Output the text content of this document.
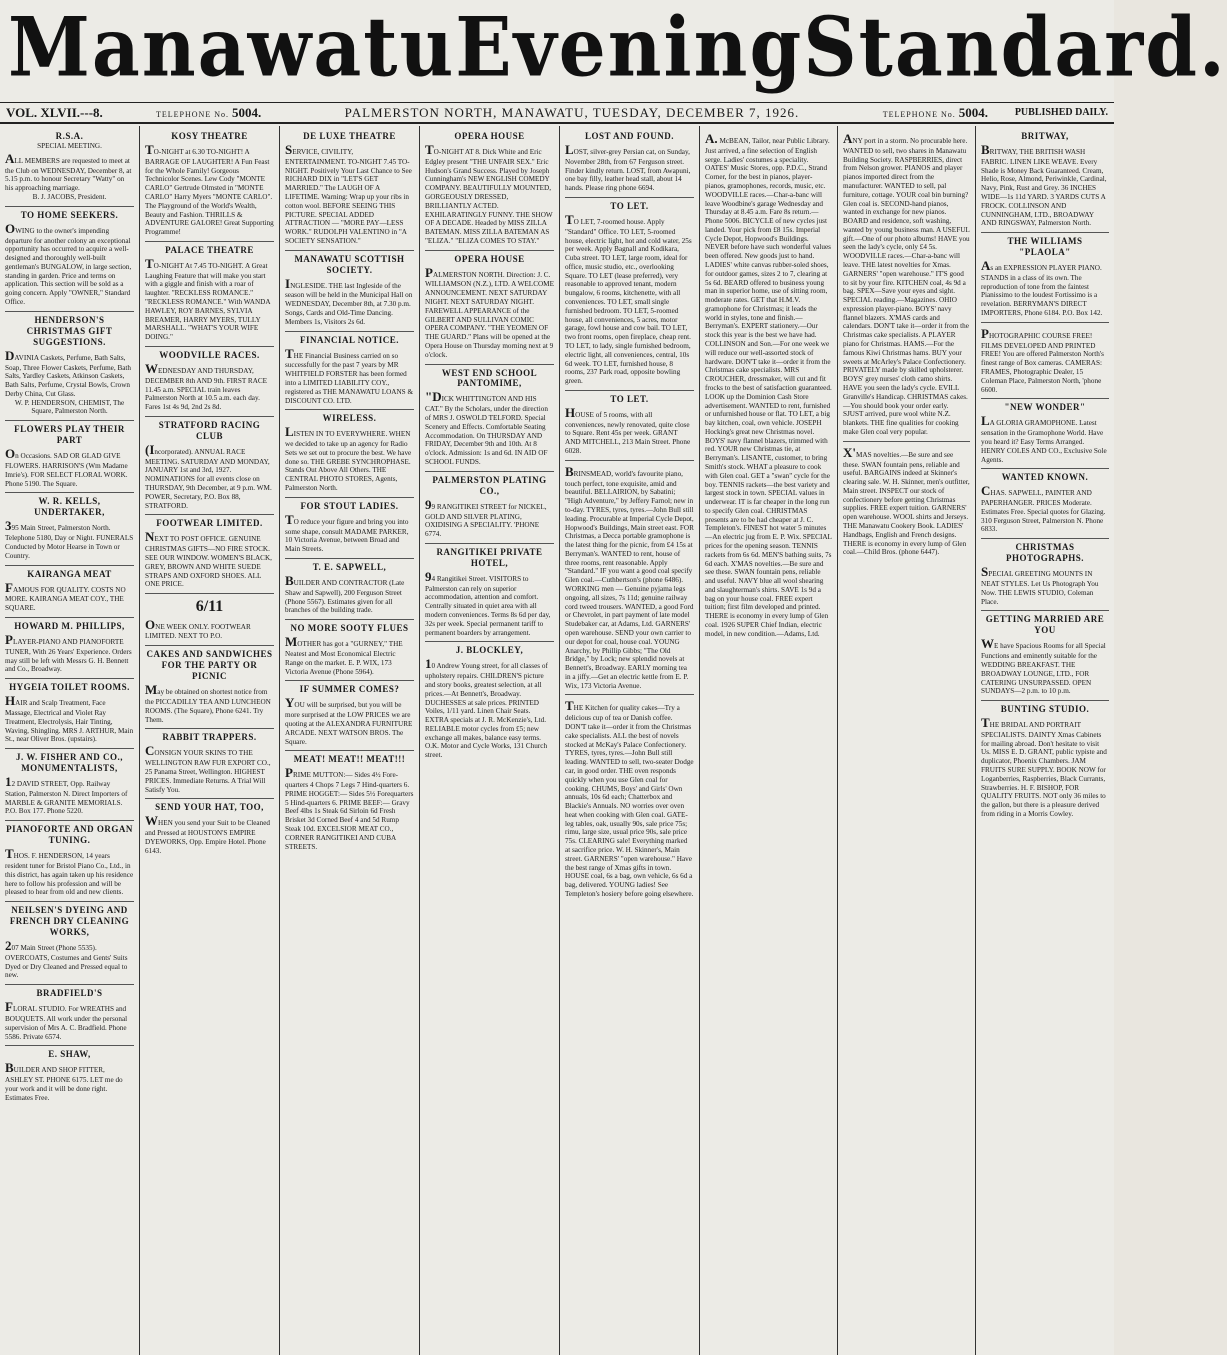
Manawatu Evening Standard.
VOL. XLVII.---8.	TELEPHONE No. 5004.	PALMERSTON NORTH, MANAWATU, TUESDAY, DECEMBER 7, 1926.	TELEPHONE No. 5004.	PUBLISHED DAILY.
R.S.A.
SPECIAL MEETING.
ALL MEMBERS are requested to meet at the Club on WEDNESDAY, December 8, at 5.15 p.m. to honour Secretary "Watty" on his approaching marriage.
B. J. JACOBS, President.
TO HOME SEEKERS.
OWING to the owner's impending departure for another colony an exceptional opportunity has occurred to acquire a well-designed and thoroughly well-built gentleman's BUNGALOW, in large section, standing in garden. Price and terms on application. This section will be sold as a going concern. Apply "OWNER," Standard Office.
HENDERSON'S CHRISTMAS GIFT SUGGESTIONS.
DAVINIA Caskets, Perfume, Bath Salts, Soap, Three Flower Caskets, Perfume, Bath Salts, Yardley Caskets, Atkinson Caskets, Bath Salts, Perfume, Crystal Bowls, Crown Derby China, Cut Glass.
W. P. HENDERSON, CHEMIST, The Square, Palmerston North.
FLOWERS PLAY THEIR PART
On Occasions. SAD OR GLAD GIVE FLOWERS. HARRISON'S (Wm Madame Imrie's). FOR SELECT FLORAL WORK. Phone 5190. The Square.
W. R. KELLS, UNDERTAKER,
395 Main Street, Palmerston North. Telephone 5180, Day or Night. FUNERALS Conducted by Motor Hearse in Town or Country.
KAIRANGA MEAT
FAMOUS FOR QUALITY. COSTS NO MORE. KAIRANGA MEAT COY., THE SQUARE.
HOWARD M. PHILLIPS,
PLAYER-PIANO AND PIANOFORTE TUNER, With 26 Years' Experience. Orders may still be left with Messrs G. H. Bennett and Co., Broadway.
HYGEIA TOILET ROOMS.
HAIR and Scalp Treatment, Face Massage, Electrical and Violet Ray Treatment, Electrolysis, Hair Tinting, Waving, Shingling. MRS J. ARTHUR, Main St., near Oliver Bros. (upstairs).
J. W. FISHER AND CO., MONUMENTALISTS,
12 DAVID STREET, Opp. Railway Station, Palmerston N. Direct Importers of MARBLE & GRANITE MEMORIALS. P.O. Box 177. Phone 5220.
PIANOFORTE AND ORGAN TUNING.
THOS. F. HENDERSON, 14 years resident tuner for Bristol Piano Co., Ltd., in this district, has again taken up his residence here to follow his profession and will be pleased to hear from old and new clients.
NEILSEN'S DYEING AND FRENCH DRY CLEANING WORKS,
207 Main Street (Phone 5535). OVERCOATS, Costumes and Gents' Suits Dyed or Dry Cleaned and Pressed equal to new.
BRADFIELD'S
FLORAL STUDIO. For WREATHS and BOUQUETS. All work under the personal supervision of Mrs A. C. Bradfield. Phone 5586. Private 6574.
E. SHAW,
BUILDER AND SHOP FITTER, ASHLEY ST. PHONE 6175. LET me do your work and it will be done right. Estimates Free.
KOSY THEATRE
TO-NIGHT at 6.30 TO-NIGHT! A BARRAGE OF LAUGHTER! A Fun Feast for the Whole Family! Gorgeous Technicolor Scenes. Lew Cody "MONTE CARLO" Gertrude Olmsted in "MONTE CARLO" Harry Myers "MONTE CARLO". The Playground of the World's Wealth, Beauty and Fashion. THRILLS & ADVENTURE GALORE! Great Supporting Programme!
PALACE THEATRE
TO-NIGHT At 7.45 TO-NIGHT. A Great Laughing Feature that will make you start with a giggle and finish with a roar of laughter. "RECKLESS ROMANCE." "RECKLESS ROMANCE." With WANDA HAWLEY, ROY BARNES, SYLVIA BREAMER, HARRY MYERS, TULLY MARSHALL. "WHAT'S YOUR WIFE DOING."
WOODVILLE RACES.
WEDNESDAY AND THURSDAY, DECEMBER 8th AND 9th. FIRST RACE 11.45 a.m. SPECIAL train leaves Palmerston North at 10.5 a.m. each day. Fares 1st 4s 9d, 2nd 2s 8d.
STRATFORD RACING CLUB
(Incorporated). ANNUAL RACE MEETING. SATURDAY AND MONDAY, JANUARY 1st and 3rd, 1927. NOMINATIONS for all events close on THURSDAY, 9th December, at 9 p.m. WM. POWER, Secretary, P.O. Box 88, STRATFORD.
FOOTWEAR LIMITED.
NEXT TO POST OFFICE. GENUINE CHRISTMAS GIFTS—NO FIRE STOCK. SEE OUR WINDOW. WOMEN'S BLACK, GREY, BROWN AND WHITE SUEDE STRAPS AND OXFORD SHOES. ALL ONE PRICE.
6/11
ONE WEEK ONLY. FOOTWEAR LIMITED. NEXT TO P.O.
CAKES AND SANDWICHES FOR THE PARTY OR PICNIC
May be obtained on shortest notice from the PICCADILLY TEA AND LUNCHEON ROOMS. (The Square), Phone 6241. Try Them.
RABBIT TRAPPERS.
CONSIGN YOUR SKINS TO THE WELLINGTON RAW FUR EXPORT CO., 25 Panama Street, Wellington. HIGHEST PRICES. Immediate Returns. A Trial Will Satisfy You.
SEND YOUR HAT, TOO,
WHEN you send your Suit to be Cleaned and Pressed at HOUSTON'S EMPIRE DYEWORKS, Opp. Empire Hotel. Phone 6143.
DE LUXE THEATRE
SERVICE, CIVILITY, ENTERTAINMENT. TO-NIGHT 7.45 TO-NIGHT. Positively Your Last Chance to See RICHARD DIX in "LET'S GET MARRIED." The LAUGH OF A LIFETIME. Warning: Wrap up your ribs in cotton wool. BEFORE SEEING THIS PICTURE. SPECIAL ADDED ATTRACTION — "MORE PAY—LESS WORK." RUDOLPH VALENTINO in "A SOCIETY SENSATION."
MANAWATU SCOTTISH SOCIETY.
INGLESIDE. THE last Ingleside of the season will be held in the Municipal Hall on WEDNESDAY, December 8th, at 7.30 p.m. Songs, Cards and Old-Time Dancing. Members 1s, Visitors 2s 6d.
FINANCIAL NOTICE.
THE Financial Business carried on so successfully for the past 7 years by MR WHITFIELD FORSTER has been formed into a LIMITED LIABILITY COY., registered as THE MANAWATU LOANS & DISCOUNT CO. LTD.
WIRELESS.
LISTEN IN TO EVERYWHERE. WHEN we decided to take up an agency for Radio Sets we set out to procure the best. We have done so. THE GREBE SYNCHROPHASE. Stands Out Above All Others. THE CENTRAL PHOTO STORES, Agents, Palmerston North.
FOR STOUT LADIES.
TO reduce your figure and bring you into some shape, consult MADAME PARKER, 10 Victoria Avenue, between Broad and Main Streets.
T. E. SAPWELL,
BUILDER AND CONTRACTOR (Late Shaw and Sapwell), 200 Ferguson Street (Phone 5567). Estimates given for all branches of the building trade.
NO MORE SOOTY FLUES
MOTHER has got a "GURNEY," THE Neatest and Most Economical Electric Range on the market. E. P. WIX, 173 Victoria Avenue (Phone 5964).
IF SUMMER COMES?
YOU will be surprised, but you will be more surprised at the LOW PRICES we are quoting at the ALEXANDRA FURNITURE ARCADE. NEXT WATSON BROS. The Square.
MEAT! MEAT!! MEAT!!!
PRIME MUTTON:— Sides 4½ Fore-quarters 4 Chops 7 Legs 7 Hind-quarters 6. PRIME HOGGET:— Sides 5½ Forequarters 5 Hind-quarters 6. PRIME BEEF:— Gravy Beef 4lbs 1s Steak 6d Sirloin 6d Fresh Brisket 3d Corned Beef 4 and 5d Rump Steak 10d. EXCELSIOR MEAT CO., CORNER RANGITIKEI AND CUBA STREETS.
OPERA HOUSE
TO-NIGHT AT 8. Dick White and Eric Edgley present "THE UNFAIR SEX." Eric Hudson's Grand Success. Played by Joseph Cunningham's NEW ENGLISH COMEDY COMPANY. BEAUTIFULLY MOUNTED, GORGEOUSLY DRESSED, BRILLIANTLY ACTED. EXHILARATINGLY FUNNY. THE SHOW OF A DECADE. Headed by MISS ZILLA BATEMAN. MISS ZILLA BATEMAN AS "ELIZA." "ELIZA COMES TO STAY."
OPERA HOUSE
PALMERSTON NORTH. Direction: J. C. WILLIAMSON (N.Z.), LTD. A WELCOME ANNOUNCEMENT. NEXT SATURDAY NIGHT. NEXT SATURDAY NIGHT. FAREWELL APPEARANCE of the GILBERT AND SULLIVAN COMIC OPERA COMPANY. "THE YEOMEN OF THE GUARD." Plans will be opened at the Opera House on Thursday morning next at 9 o'clock.
WEST END SCHOOL PANTOMIME,
"DICK WHITTINGTON AND HIS CAT." By the Scholars, under the direction of MRS J. OSWOLD TELFORD. Special Scenery and Effects. Comfortable Seating Accommodation. On THURSDAY AND FRIDAY, December 9th and 10th. At 8 o'clock. Admission: 1s and 6d. IN AID OF SCHOOL FUNDS.
PALMERSTON PLATING CO.,
99 RANGITIKEI STREET for NICKEL, GOLD AND SILVER PLATING, OXIDISING A SPECIALITY. 'PHONE 6774.
RANGITIKEI PRIVATE HOTEL,
94 Rangitikei Street. VISITORS to Palmerston can rely on superior accommodation, attention and comfort. Centrally situated in quiet area with all modern conveniences. Terms 8s 6d per day, 32s per week. Special permanent tariff to permanent boarders by arrangement.
J. BLOCKLEY,
10 Andrew Young street, for all classes of upholstery repairs. CHILDREN'S picture and story books, greatest selection, at all prices.—At Bennett's, Broadway. DUCHESSES at sale prices. PRINTED Voiles, 1/11 yard. Linen Chair Seats. EXTRA specials at J. R. McKenzie's, Ltd. RELIABLE motor cycles from £5; new exchange all makes, balance easy terms. O.K. Motor and Cycle Works, 131 Church street.
LOST AND FOUND.
LOST, silver-grey Persian cat, on Sunday, November 28th, from 67 Ferguson street. Finder kindly return. LOST, from Awapuni, one bay filly, leather head stall, about 14 hands. Please ring phone 6694.
TO LET.
TO LET, 7-roomed house. Apply "Standard" Office. TO LET, 5-roomed house, electric light, hot and cold water, 25s per week. Apply Bagnall and Kodikara, Cuba street. TO LET, large room, ideal for office, music studio, etc., overlooking Square. TO LET (lease preferred), very reasonable to approved tenant, modern bungalow, 6 rooms, kitchenette, with all conveniences. TO LET, small single furnished bedroom. TO LET, 5-roomed house, all conveniences, 5 acres, motor garage, fowl house and cow bail. TO LET, two front rooms, open fireplace, cheap rent. TO LET, to lady, single furnished bedroom, electric light, all conveniences, central, 10s 6d week. TO LET, furnished house, 8 rooms, 237 Park road, opposite bowling green.
TO LET.
HOUSE of 5 rooms, with all conveniences, newly renovated, quite close to Square. Rent 45s per week. GRANT AND MITCHELL, 213 Main Street. Phone 6028.
BRINSMEAD, world's favourite piano, touch perfect, tone exquisite, amid and beautiful. BELLAIRION, by Sabatini; "High Adventure," by Jeffery Farnol; new in to-day. TYRES, tyres, tyres.—John Bull still leading. Procurable at Imperial Cycle Depot, Hopwood's Buildings, Main street east. FOR Christmas, a Decca portable gramophone is the latest thing for the picnic, from £4 15s at Berryman's. WANTED to rent, house of three rooms, rent reasonable. Apply "Standard." IF you want a good coal specify Glen coal.—Cuthbertson's (phone 6486). WORKING men — Genuine pyjama legs ongoing, all sizes, 7s 11d; genuine railway cord tweed trousers. WANTED, a good Ford or Chevrolet, in part payment of late model Studebaker car, at Adams, Ltd. GARNERS' open warehouse. SEND your own carrier to our depot for coal, house coal. YOUNG Anarchy, by Phillip Gibbs; "The Old Bridge," by Lock; new splendid novels at Bennett's, Broadway. EARLY morning tea in a jiffy.—Get an electric kettle from E. P. Wix, 173 Victoria Avenue.
THE Kitchen for quality cakes—Try a delicious cup of tea or Danish coffee. DON'T take it—order it from the Christmas cake specialists. ALL the best of novels stocked at McKay's Palace Confectionery. TYRES, tyres, tyres.—John Bull still leading. WANTED to sell, two-seater Dodge car, in good order. THE oven responds quickly when you use Glen coal for cooking. CHUMS, Boys' and Girls' Own annuals, 10s 6d each; Chatterbox and Blackie's Annuals. NO worries over oven heat when cooking with Glen coal. GATE-leg tables, oak, usually 90s, sale price 75s; rimu, large size, usual price 90s, sale price 75s. CLEARING sale! Everything marked at sacrifice price. W. H. Skinner's, Main street. GARNERS' "open warehouse." Have the best range of Xmas gifts in town. HOUSE coal, 6s a bag, own vehicle, 6s 6d a bag, delivered. YOUNG ladies! See Templeton's hosiery before going elsewhere.
A. McBEAN, Tailor, near Public Library. Just arrived, a fine selection of English serge. Ladies' costumes a speciality. OATES' Music Stores, opp. P.D.C., Strand Corner, for the best in pianos, player-pianos, gramophones, records, music, etc. WOODVILLE races.—Char-a-banc will leave Woodbine's garage Wednesday and Thursday at 8.45 a.m. Fare 8s return.—Phone 5006. BICYCLE of new cycles just landed. Your pick from £8 15s. Imperial Cycle Depot, Hopwood's Buildings. NEVER before have such wonderful values been offered. New goods just to hand. LADIES' white canvas rubber-soled shoes, for outdoor games, sizes 2 to 7, clearing at 5s 6d. BEARD offered to business young man in superior home, use of sitting room, moderate rates. GET that H.M.V. gramophone for Christmas; it leads the world in styles, tone and finish.—Berryman's. EXPERT stationery.—Our stock this year is the best we have had. COLLINSON and Son.—For one week we will reduce our well-assorted stock of hardware. DON'T take it—order it from the Christmas cake specialists. MRS CROUCHER, dressmaker, will cut and fit frocks to the best of satisfaction guaranteed. LOOK up the Dominion Cash Store advertisement. WANTED to rent, furnished or unfurnished house or flat. TO LET, a big bay kitchen, coal, own vehicle. JOSEPH Hocking's great new Christmas novel. BOYS' navy flannel blazers, trimmed with red. YOUR new Christmas tie, at Berryman's. LISANTE, customer, to bring Smith's stock. WHAT a pleasure to cook with Glen coal. GET a "swan" cycle for the boy. TENNIS rackets—the best variety and largest stock in town. SPECIAL values in underwear. IT is far cheaper in the long run to specify Glen coal. CHRISTMAS presents are to be had cheaper at J. C. Templeton's. FINEST hot water 5 minutes—An electric jug from E. P. Wix. SPECIAL prices for the opening season. TENNIS rackets from 6s 6d. MEN'S bathing suits, 7s 6d each. X'MAS novelties.—Be sure and see these. SWAN fountain pens, reliable and useful. NAVY blue all wool shearing and slaughterman's shirts. SAVE 1s 9d a bag on your house coal. FREE expert tuition; first film developed and printed. THERE is economy in every lump of Glen coal. 1926 SUPER Chief Indian, electric model, in new condition.—Adams, Ltd.
ANY port in a storm. No procurable here. WANTED to sell, two shares in Manawatu Building Society. RASPBERRIES, direct from Nelson grower. PIANOS and player pianos imported direct from the manufacturer. WANTED to sell, pal furniture, cottage. YOUR coal bin burning? Glen coal is. SECOND-hand pianos, wanted in exchange for new pianos. BOARD and residence, soft washing, wanted by young business man. A USEFUL gift.—One of our photo albums! HAVE you seen the lady's cycle, only £4 5s. WOODVILLE races.—Char-a-banc will leave. THE latest novelties for Xmas. GARNERS' "open warehouse." IT'S good to sit by your fire. KITCHEN coal, 4s 9d a bag. SPEX—Save your eyes and sight. SPECIAL reading.—Magazines. OHIO expression player-piano. BOYS' navy flannel blazers. X'MAS cards and calendars. DON'T take it—order it from the Christmas cake specialists. A PLAYER piano for Christmas. HAMS.—For the famous Kiwi Christmas hams. BUY your sweets at McArley's Palace Confectionery. PRIVATELY made by skilled upholsterer. BOYS' grey nurses' cloth camo shirts. HAVE you seen the lady's cycle. EVILL Granville's Handicap. CHRISTMAS cakes.—You should book your order early. SJUST arrived, pure wool white N.Z. blankets. THE fine qualities for cooking make Glen coal very popular.
X'MAS novelties.—Be sure and see these. SWAN fountain pens, reliable and useful. BARGAINS indeed at Skinner's clearing sale. W. H. Skinner, men's outfitter, Main street. INSPECT our stock of confectionery before getting Christmas supplies. FREE expert tuition. GARNERS' open warehouse. WOOL shirts and Jerseys. THE Manawatu Cookery Book. LADIES' Handbags, English and French designs. THERE is economy in every lump of Glen coal.—Child Bros. (phone 6447).
BRITWAY,
BRITWAY, THE BRITISH WASH FABRIC. LINEN LIKE WEAVE. Every Shade is Money Back Guaranteed. Cream, Helio, Rose, Almond, Periwinkle, Cardinal, Navy, Pink, Rust and Grey. 36 INCHES WIDE—1s 11d YARD. 3 YARDS CUTS A FROCK. COLLINSON AND CUNNINGHAM, LTD., BROADWAY AND RINGSWAY, Palmerston North.
THE WILLIAMS "PLAOLA"
As an EXPRESSION PLAYER PIANO. STANDS in a class of its own. The reproduction of tone from the faintest Pianissimo to the loudest Fortissimo is a revelation. BERRYMAN'S DIRECT IMPORTERS, Phone 6184. P.O. Box 142.
PHOTOGRAPHIC COURSE FREE! FILMS DEVELOPED AND PRINTED FREE! You are offered Palmerston North's finest range of Box cameras. CAMERAS: FRAMES, Photographic Dealer, 15 Coleman Place, Palmerston North, 'phone 6600.
"NEW WONDER"
LA GLORIA GRAMOPHONE. Latest sensation in the Gramophone World. Have you heard it? Easy Terms Arranged. HENRY COLES AND CO., Exclusive Sole Agents.
WANTED KNOWN.
CHAS. SAPWELL, PAINTER AND PAPERHANGER. PRICES Moderate. Estimates Free. Special quotes for Glazing. 310 Ferguson Street, Palmerston N. Phone 6833.
CHRISTMAS PHOTOGRAPHS.
SPECIAL GREETING MOUNTS IN NEAT STYLES. Let Us Photograph You Now. THE LEWIS STUDIO, Coleman Place.
GETTING MARRIED ARE YOU
WE have Spacious Rooms for all Special Functions and eminently suitable for the WEDDING BREAKFAST. THE BROADWAY LOUNGE, LTD., FOR CATERING UNSURPASSED. OPEN SUNDAYS—2 p.m. to 10 p.m.
BUNTING STUDIO.
THE BRIDAL AND PORTRAIT SPECIALISTS. DAINTY Xmas Cabinets for mailing abroad. Don't hesitate to visit Us. MISS E. D. GRANT, public typiste and duplicator, Phoenix Chambers. JAM FRUITS SURE SUPPLY. BOOK NOW for Loganberries, Raspberries, Black Currants, Strawberries. H. F. BISHOP, FOR QUALITY FRUITS. NOT only 36 miles to the gallon, but there is a pleasure derived from riding in a Morris Cowley.
